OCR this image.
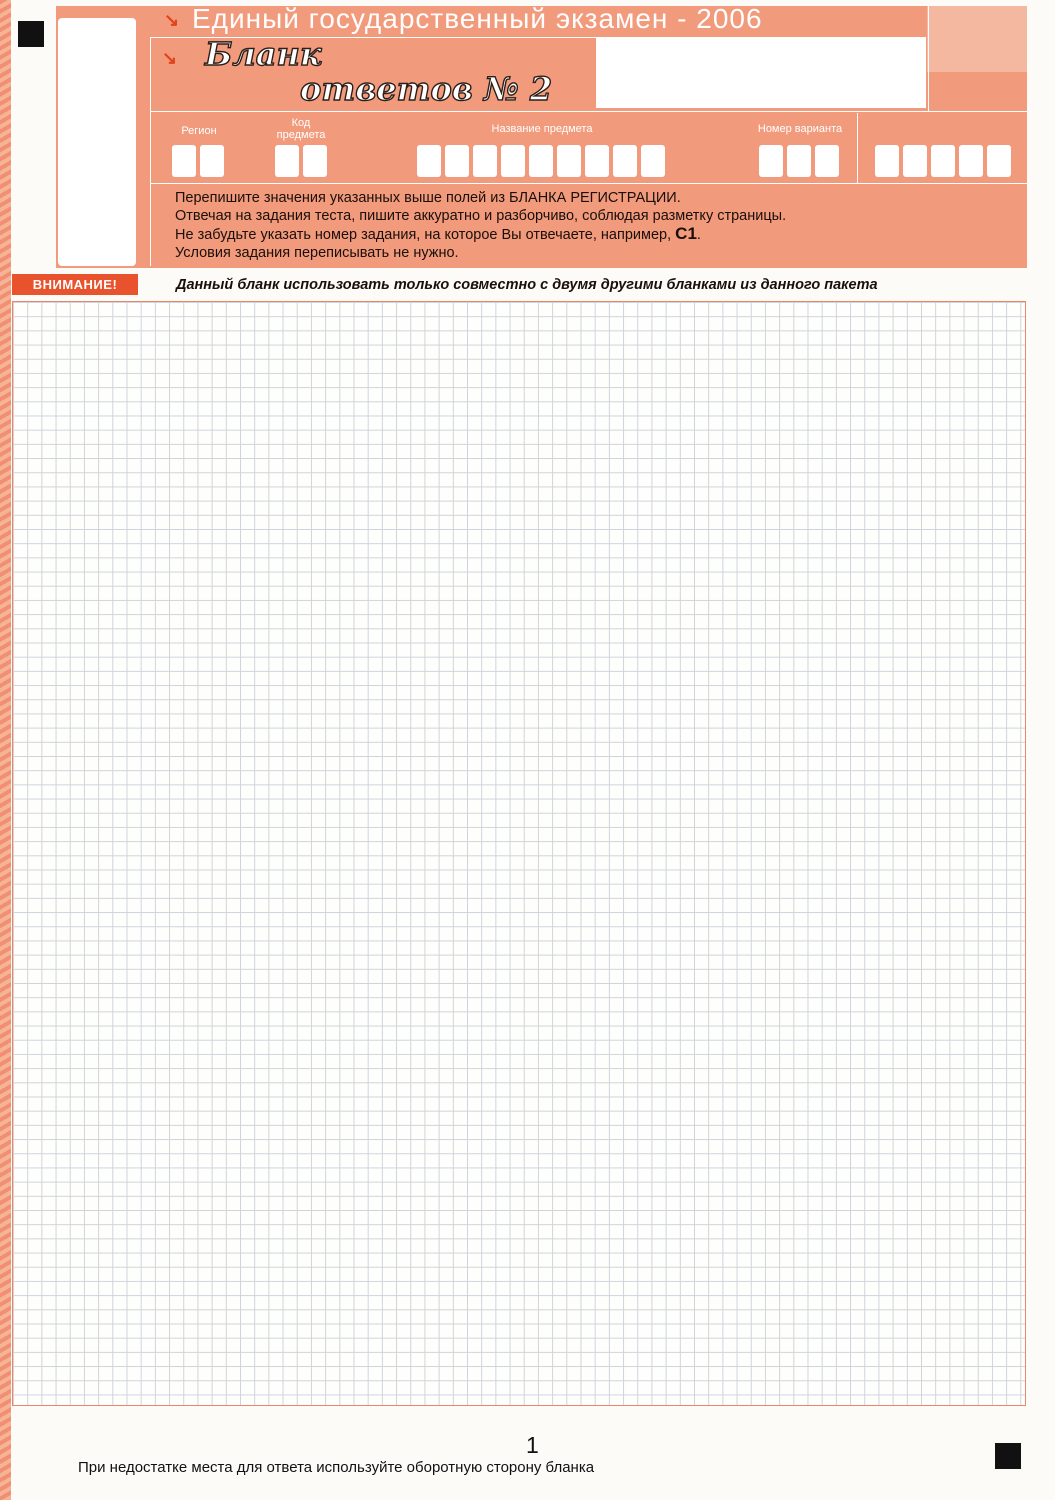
↘ Единый государственный экзамен - 2006
↘ Бланк
ответов № 2
Регион
Код предмета	Название предмета	Номер варианта
Перепишите значения указанных выше полей из БЛАНКА РЕГИСТРАЦИИ.
Отвечая на задания теста, пишите аккуратно и разборчиво, соблюдая разметку страницы.
Не забудьте указать номер задания, на которое Вы отвечаете, например, С1.
Условия задания переписывать не нужно.
ВНИМАНИЕ!	Данный бланк использовать только совместно с двумя другими бланками из данного пакета
1
При недостатке места для ответа используйте оборотную сторону бланка
